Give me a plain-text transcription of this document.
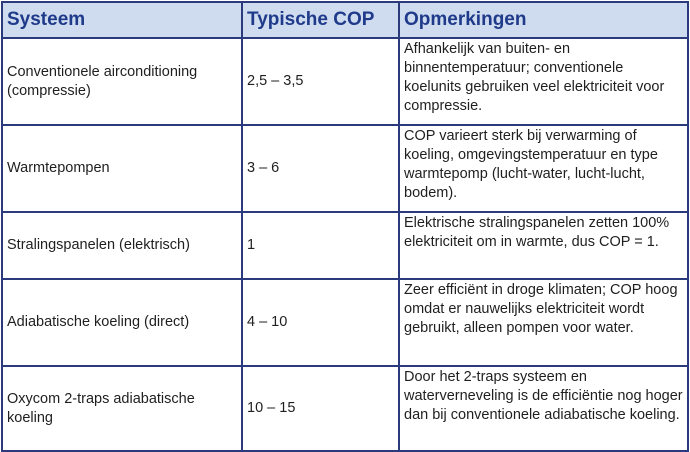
Systeem	Typische COP	Opmerkingen
Conventionele airconditioning (compressie)	2,5 – 3,5	Afhankelijk van buiten- en binnentemperatuur; conventionele koelunits gebruiken veel elektriciteit voor compressie.
Warmtepompen	3 – 6	COP varieert sterk bij verwarming of koeling, omgevingstemperatuur en type warmtepomp (lucht-water, lucht-lucht, bodem).
Stralingspanelen (elektrisch)	1	Elektrische stralingspanelen zetten 100% elektriciteit om in warmte, dus COP = 1.
Adiabatische koeling (direct)	4 – 10	Zeer efficiënt in droge klimaten; COP hoog omdat er nauwelijks elektriciteit wordt gebruikt, alleen pompen voor water.
Oxycom 2-traps adiabatische koeling	10 – 15	Door het 2-traps systeem en waterverneveling is de efficiëntie nog hoger dan bij conventionele adiabatische koeling.
